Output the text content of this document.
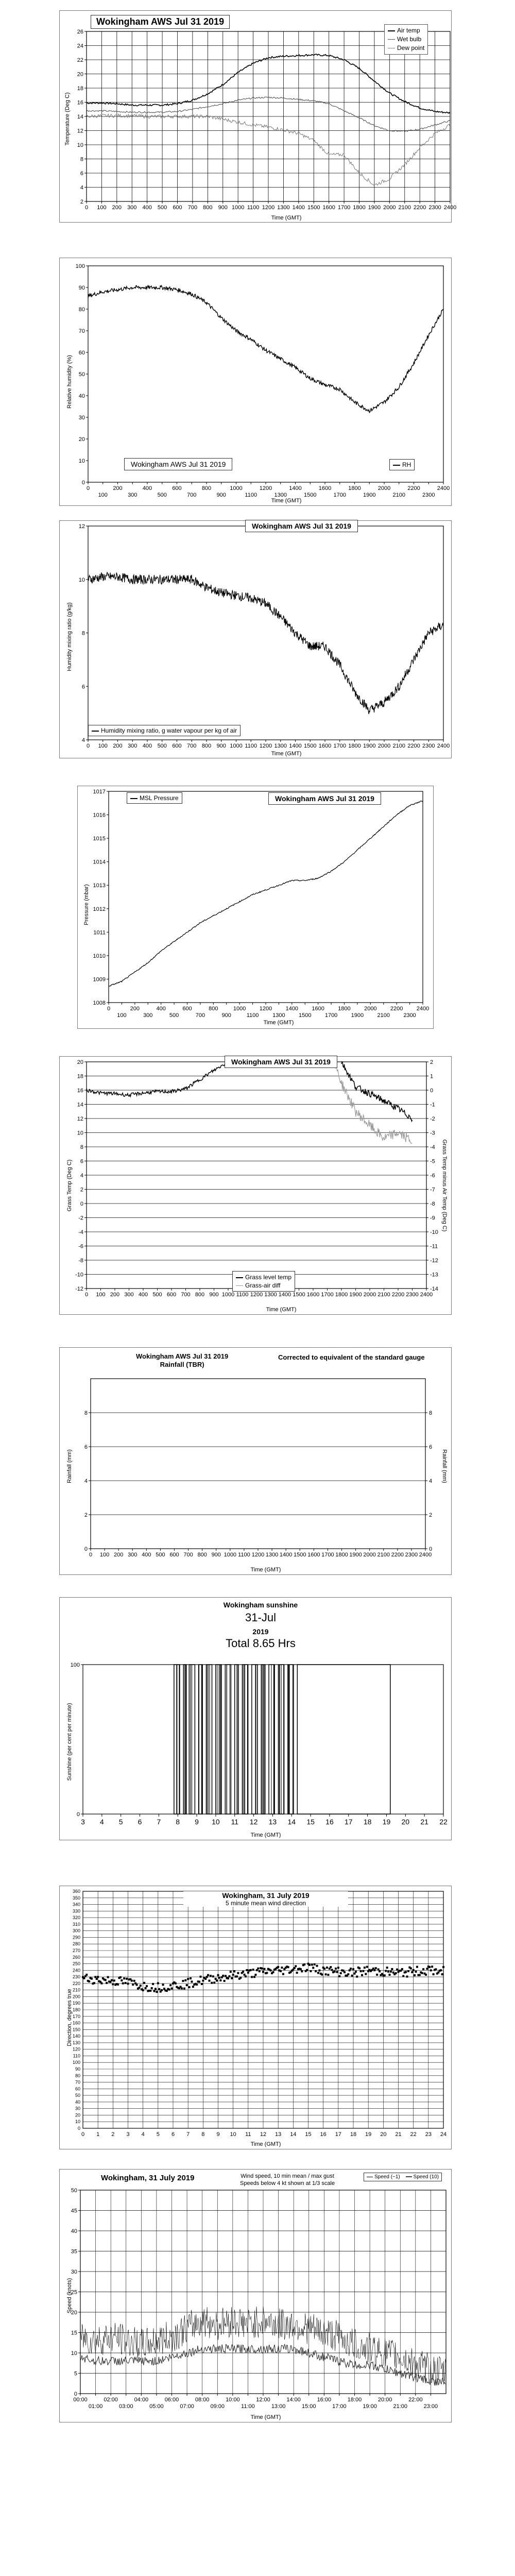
2
4
6
8
10
12
14
16
18
20
22
24
26
0 100 200 300 400 500 600 700 800 900 1000 1100 1200 1300 1400 1500 1600 1700 1800 1900 2000 2100 2200 2300 2400
Time (GMT)
Temperature (Deg C)
Wokingham AWS Jul 31 2019
Air temp
Wet bulb
Dew point
0
10
20
30
40
50
60
70
80
90
100
0	200	400	600	800	1000	1200	1400	1600	1800	2000	2200	2400
100	300	500	700	900	1100	1300	1500	1700	1900	2100	2300
Time (GMT)
Relative humidity (%)
Wokingham AWS Jul 31 2019	RH
4
6
8
10
12
0 100 200 300 400 500 600 700 800 900 1000 1100 1200 1300 1400 1500 1600 1700 1800 1900 2000 2100 2200 2300 2400
Time (GMT)
Humidity mixing ratio (g/kg)
Wokingham AWS Jul 31 2019
Humidity mixing ratio, g water vapour per kg of air
1008
1009
1010
1011
1012
1013
1014
1015
1016
1017
0	200	400	600	800	1000 1200 1400 1600 1800 2000 2200 2400
100	300	500	700	900	1100 1300 1500 1700 1900 2100 2300
Time (GMT)
Pressure (mbar)
MSL Pressure	Wokingham AWS Jul 31 2019
-12
-10
-8
-6
-4
-2
0
2
4
6
8
10
12
14
16
18
20
-14
-13
-12
-11
-10
-9
-8
-7
-6
-5
-4
-3
-2
-1
0
1
2
0 100 200 300 400 500 600 700 800 900 1000 1100 1200 1300 1400 1500 1600 1700 1800 1900 2000 2100 2200 2300 2400
Time (GMT)
Grass Temp (Deg C)	Grass Temp minus Air Temp (Deg C)
Wokingham AWS Jul 31 2019
Grass level temp
Grass-air diff
0
2
4
6
8
0
2
4
6
8
0 100 200 300 400 500 600 700 800 900 1000 1100 1200 1300 1400 1500 1600 1700 1800 1900 2000 2100 2200 2300 2400
Time (GMT)
Rainfall (mm)	Rainfall (mm)
Wokingham AWS Jul 31 2019
Rainfall (TBR)
Corrected to equivalent of the standard gauge
0
100
3 4 5 6 7 8 9 10 11 12 13 14 15 16 17 18 19 20 21 22
Time (GMT)
Sunshine (per cent per minute)
Wokingham sunshine
31-Jul
2019
Total 8.65 Hrs
0
10
20
30
40
50
60
70
80
90
100
110
120
130
140
150
160
170
180
190
200
210
220
230
240
250
260
270
280
290
300
310
320
330
340
350
360
0 1 2 3 4 5 6 7 8 9 10 11 12 13 14 15 16 17 18 19 20 21 22 23 24
Time (GMT)
Direction, degrees true
Wokingham, 31 July 2019
5 minute mean wind direction
0
5
10
15
20
25
30
35
40
45
50
00:00	02:00	04:00	06:00	08:00	10:00	12:00	14:00	16:00	18:00	20:00	22:00
01:00	03:00	05:00	07:00	09:00	11:00	13:00	15:00	17:00	19:00	21:00	23:00
Time (GMT)
Speed (knots)
Wokingham, 31 July 2019	Wind speed, 10 min mean / max gust
Speeds below 4 kt shown at 1/3 scale
Speed (~1)	Speed (10)
